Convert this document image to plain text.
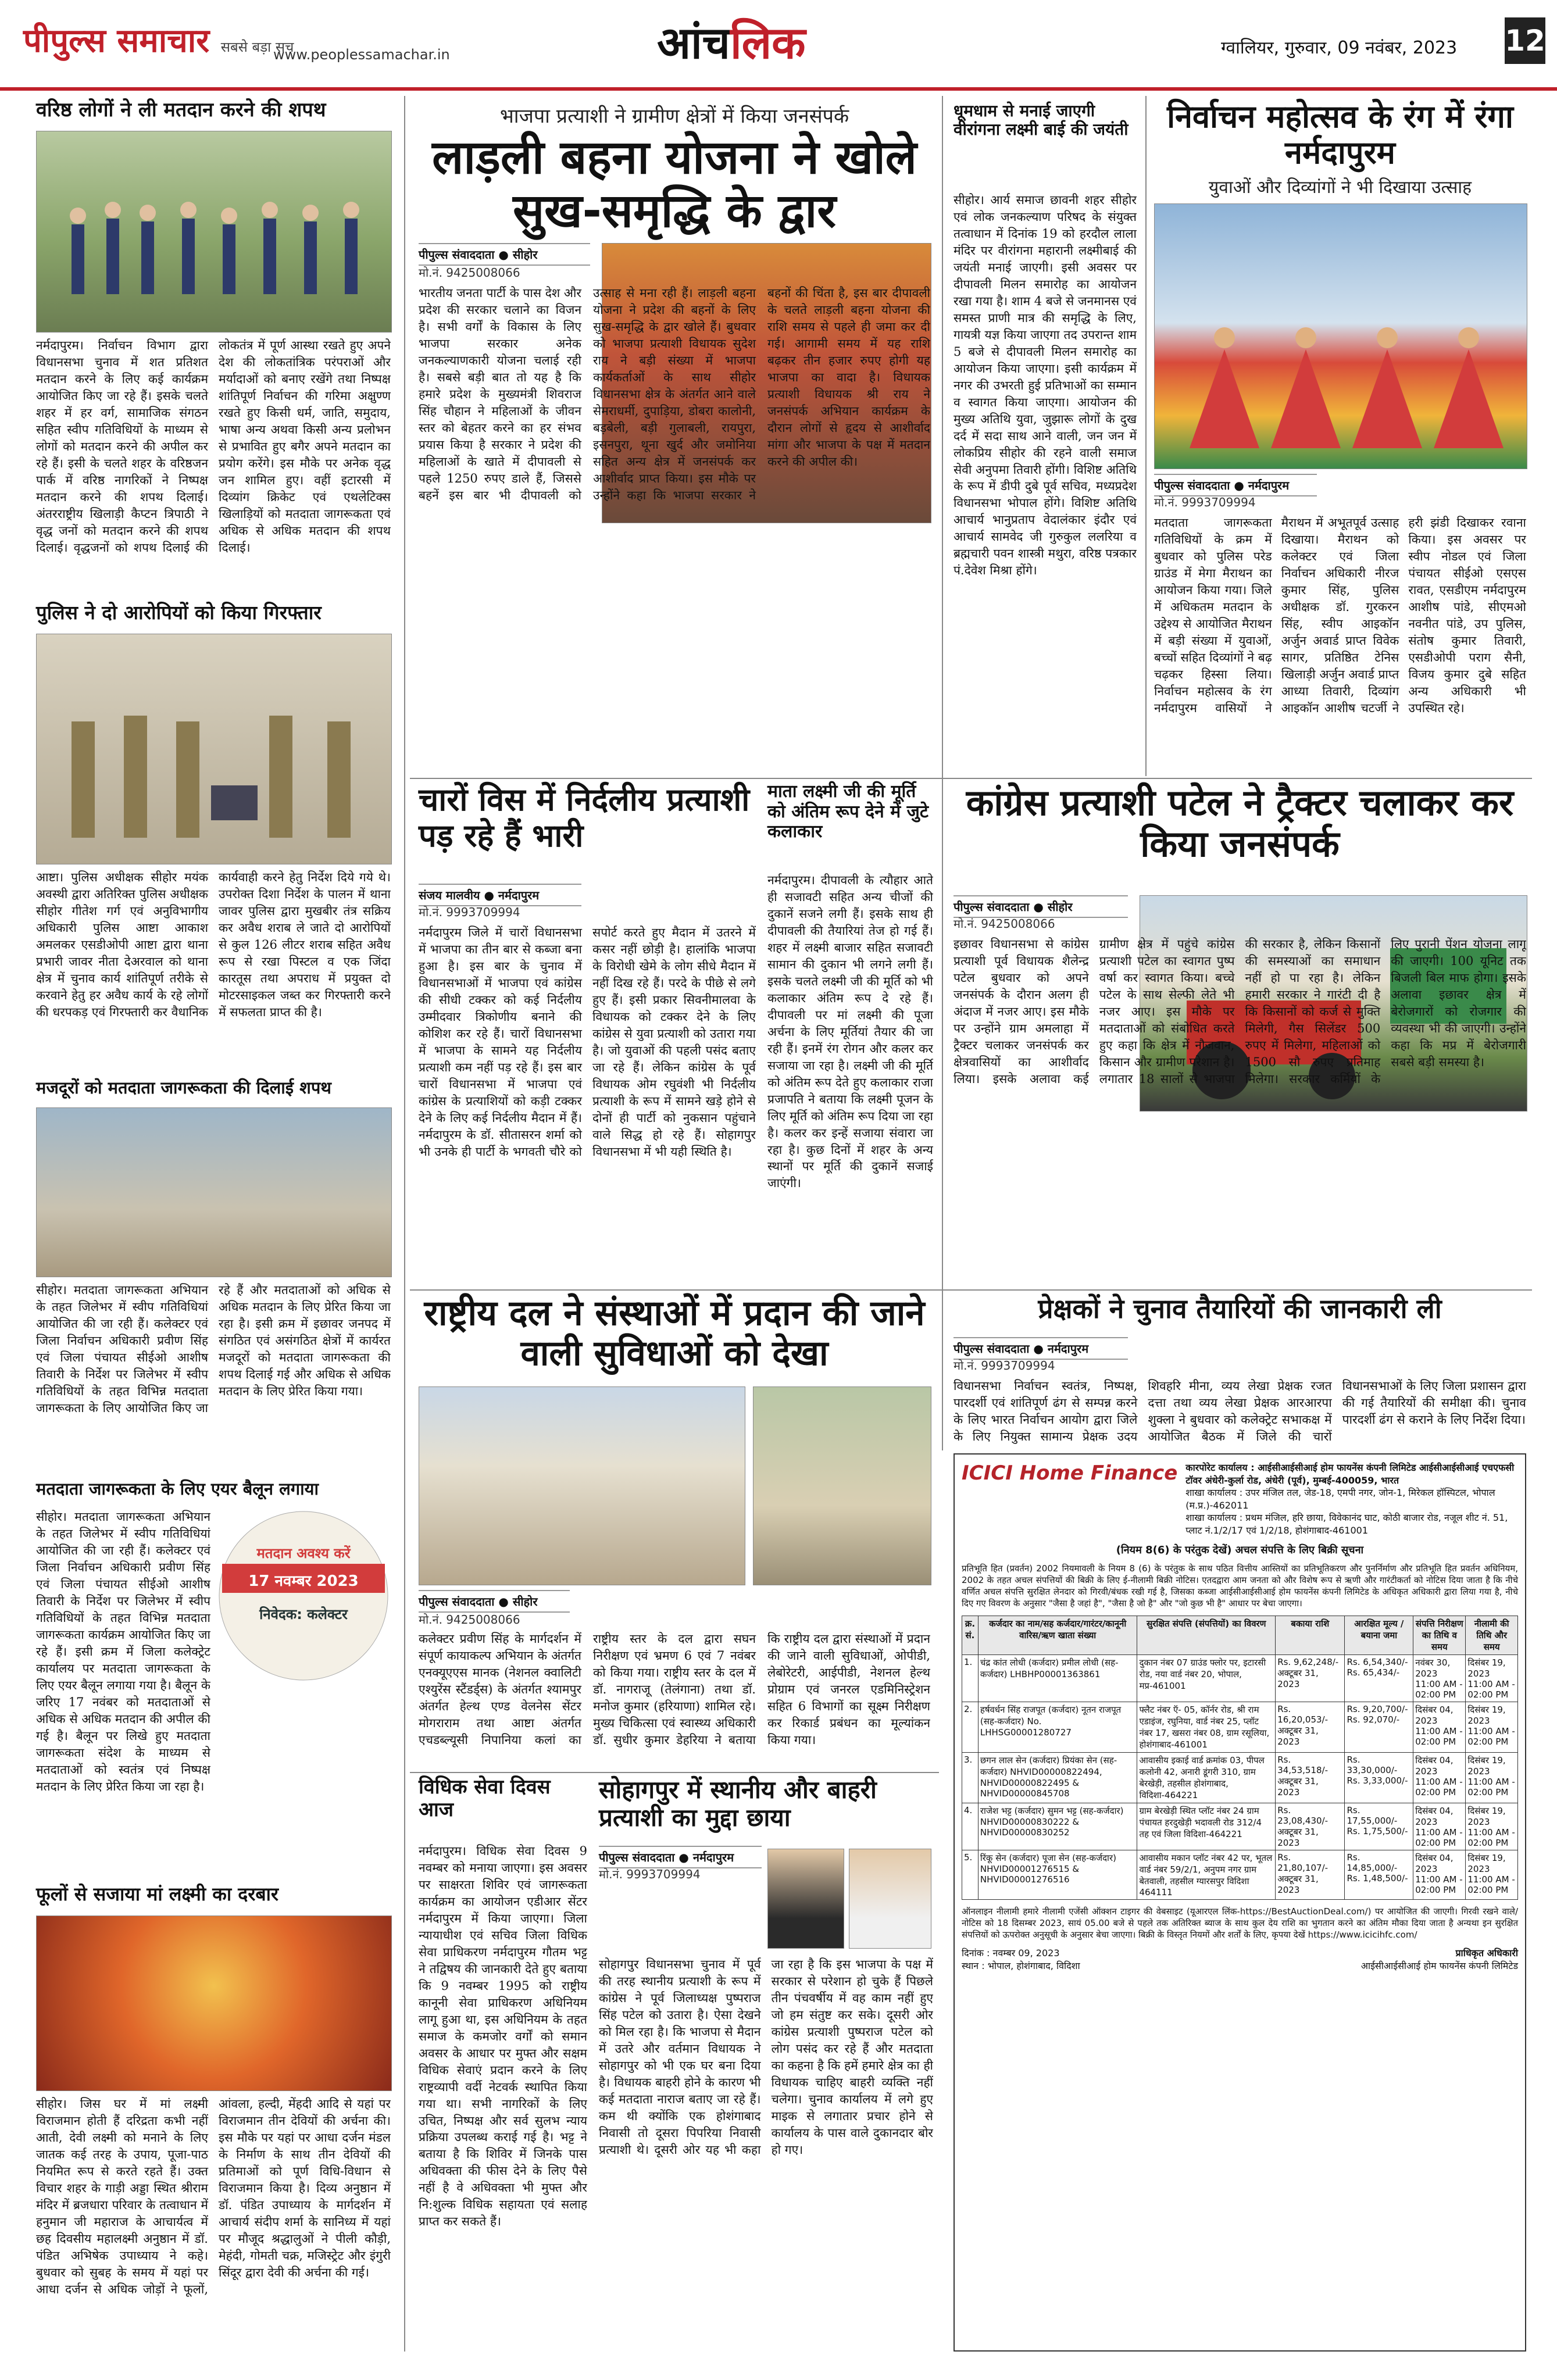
पीपुल्स समाचार सबसे बड़ा सच
www.peoplessamachar.in	आंचलिक	ग्वालियर, गुरुवार, 09 नवंबर, 2023 12
वरिष्ठ लोगों ने ली मतदान करने की शपथ
नर्मदापुरम। निर्वाचन विभाग द्वारा विधानसभा चुनाव में शत प्रतिशत मतदान करने के लिए कई कार्यक्रम आयोजित किए जा रहे हैं। इसके चलते शहर में हर वर्ग, सामाजिक संगठन सहित स्वीप गतिविधियों के माध्यम से लोगों को मतदान करने की अपील कर रहे हैं। इसी के चलते शहर के वरिष्ठजन पार्क में वरिष्ठ नागरिकों ने निष्पक्ष मतदान करने की शपथ दिलाई। अंतरराष्ट्रीय खिलाड़ी कैप्टन त्रिपाठी ने वृद्ध जनों को मतदान करने की शपथ दिलाई। वृद्धजनों को शपथ दिलाई की लोकतंत्र में पूर्ण आस्था रखते हुए अपने देश की लोकतांत्रिक परंपराओं और मर्यादाओं को बनाए रखेंगे तथा निष्पक्ष शांतिपूर्ण निर्वाचन की गरिमा अक्षुण्ण रखते हुए किसी धर्म, जाति, समुदाय, भाषा अन्य अथवा किसी अन्य प्रलोभन से प्रभावित हुए बगैर अपने मतदान का प्रयोग करेंगे। इस मौके पर अनेक वृद्ध जन शामिल हुए। वहीं इटारसी में दिव्यांग क्रिकेट एवं एथलेटिक्स खिलाड़ियों को मतदाता जागरूकता एवं अधिक से अधिक मतदान की शपथ दिलाई।
पुलिस ने दो आरोपियों को किया गिरफ्तार
आष्टा। पुलिस अधीक्षक सीहोर मयंक अवस्थी द्वारा अतिरिक्त पुलिस अधीक्षक सीहोर गीतेश गर्ग एवं अनुविभागीय अधिकारी पुलिस आष्टा आकाश अमलकर एसडीओपी आष्टा द्वारा थाना प्रभारी जावर नीता देअरवाल को थाना क्षेत्र में चुनाव कार्य शांतिपूर्ण तरीके से करवाने हेतु हर अवैध कार्य के रहे लोगों की धरपकड़ एवं गिरफ्तारी कर वैधानिक कार्यवाही करने हेतु निर्देश दिये गये थे। उपरोक्त दिशा निर्देश के पालन में थाना जावर पुलिस द्वारा मुखबीर तंत्र सक्रिय कर अवैध शराब ले जाते दो आरोपियों से कुल 126 लीटर शराब सहित अवैध रूप से रखा पिस्टल व एक जिंदा कारतूस तथा अपराध में प्रयुक्त दो मोटरसाइकल जब्त कर गिरफ्तारी करने में सफलता प्राप्त की है।
मजदूरों को मतदाता जागरूकता की दिलाई शपथ
सीहोर। मतदाता जागरूकता अभियान के तहत जिलेभर में स्वीप गतिविधियां आयोजित की जा रही हैं। कलेक्टर एवं जिला निर्वाचन अधिकारी प्रवीण सिंह एवं जिला पंचायत सीईओ आशीष तिवारी के निर्देश पर जिलेभर में स्वीप गतिविधियों के तहत विभिन्न मतदाता जागरूकता के लिए आयोजित किए जा रहे हैं और मतदाताओं को अधिक से अधिक मतदान के लिए प्रेरित किया जा रहा है। इसी क्रम में इछावर जनपद में संगठित एवं असंगठित क्षेत्रों में कार्यरत मजदूरों को मतदाता जागरूकता की शपथ दिलाई गई और अधिक से अधिक मतदान के लिए प्रेरित किया गया।
मतदाता जागरूकता के लिए एयर बैलून लगाया
सीहोर। मतदाता जागरूकता अभियान के तहत जिलेभर में स्वीप गतिविधियां आयोजित की जा रही हैं। कलेक्टर एवं जिला निर्वाचन अधिकारी प्रवीण सिंह एवं जिला पंचायत सीईओ आशीष तिवारी के निर्देश पर जिलेभर में स्वीप गतिविधियों के तहत विभिन्न मतदाता जागरूकता कार्यक्रम आयोजित किए जा रहे हैं। इसी क्रम में जिला कलेक्ट्रेट कार्यालय पर मतदाता जागरूकता के लिए एयर बैलून लगाया गया है। बैलून के जरिए 17 नवंबर को मतदाताओं से अधिक से अधिक मतदान की अपील की गई है। बैलून पर लिखे हुए मतदाता जागरूकता संदेश के माध्यम से मतदाताओं को स्वतंत्र एवं निष्पक्ष मतदान के लिए प्रेरित किया जा रहा है।
मतदान अवश्य करें
17 नवम्बर 2023
निवेदक: कलेक्टर
फूलों से सजाया मां लक्ष्मी का दरबार
सीहोर। जिस घर में मां लक्ष्मी विराजमान होती हैं दरिद्रता कभी नहीं आती, देवी लक्ष्मी को मनाने के लिए जातक कई तरह के उपाय, पूजा-पाठ नियमित रूप से करते रहते हैं। उक्त विचार शहर के गाड़ी अड्डा स्थित श्रीराम मंदिर में ब्रजधारा परिवार के तत्वाधान में हनुमान जी महाराज के आचार्यत्व में छह दिवसीय महालक्ष्मी अनुष्ठान में डॉ. पंडित अभिषेक उपाध्याय ने कहे। बुधवार को सुबह के समय में यहां पर आधा दर्जन से अधिक जोड़ों ने फूलों, आंवला, हल्दी, मेंहदी आदि से यहां पर विराजमान तीन देवियों की अर्चना की। इस मौके पर यहां पर आधा दर्जन मंडल के निर्माण के साथ तीन देवियों की प्रतिमाओं को पूर्ण विधि-विधान से विराजमान किया है। दिव्य अनुष्ठान में डॉ. पंडित उपाध्याय के मार्गदर्शन में आचार्य संदीप शर्मा के सानिध्य में यहां पर मौजूद श्रद्धालुओं ने पीली कौड़ी, मेहंदी, गोमती चक्र, मजिस्ट्रेट और इंगुरी सिंदूर द्वारा देवी की अर्चना की गई।
भाजपा प्रत्याशी ने ग्रामीण क्षेत्रों में किया जनसंपर्क
लाड़ली बहना योजना ने खोले सुख-समृद्धि के द्वार
पीपुल्स संवाददाता ● सीहोर
मो.नं. 9425008066
भारतीय जनता पार्टी के पास देश और प्रदेश की सरकार चलाने का विजन है। सभी वर्गों के विकास के लिए भाजपा सरकार अनेक जनकल्याणकारी योजना चलाई रही है। सबसे बड़ी बात तो यह है कि हमारे प्रदेश के मुख्यमंत्री शिवराज सिंह चौहान ने महिलाओं के जीवन स्तर को बेहतर करने का हर संभव प्रयास किया है सरकार ने प्रदेश की महिलाओं के खाते में दीपावली से पहले 1250 रुपए डाले हैं, जिससे बहनें इस बार भी दीपावली को उत्साह से मना रही हैं। लाड़ली बहना योजना ने प्रदेश की बहनों के लिए सुख-समृद्धि के द्वार खोले हैं। बुधवार को भाजपा प्रत्याशी विधायक सुदेश राय ने बड़ी संख्या में भाजपा कार्यकर्ताओं के साथ सीहोर विधानसभा क्षेत्र के अंतर्गत आने वाले सेमराधर्मी, दुपाड़िया, डोबरा कालोनी, बड़बेली, बड़ी गुलाबली, रायपुरा, इसनपुरा, थूना खुर्द और जमोनिया सहित अन्य क्षेत्र में जनसंपर्क कर आशीर्वाद प्राप्त किया। इस मौके पर उन्होंने कहा कि भाजपा सरकार ने बहनों की चिंता है, इस बार दीपावली के चलते लाड़ली बहना योजना की राशि समय से पहले ही जमा कर दी गई। आगामी समय में यह राशि बढ़कर तीन हजार रुपए होगी यह भाजपा का वादा है। विधायक प्रत्याशी विधायक श्री राय ने जनसंपर्क अभियान कार्यक्रम के दौरान लोगों से हृदय से आशीर्वाद मांगा और भाजपा के पक्ष में मतदान करने की अपील की।
चारों विस में निर्दलीय प्रत्याशी पड़ रहे हैं भारी
संजय मालवीय ● नर्मदापुरम
मो.नं. 9993709994
नर्मदापुरम जिले में चारों विधानसभा में भाजपा का तीन बार से कब्जा बना हुआ है। इस बार के चुनाव में विधानसभाओं में भाजपा एवं कांग्रेस की सीधी टक्कर को कई निर्दलीय उम्मीदवार त्रिकोणीय बनाने की कोशिश कर रहे हैं। चारों विधानसभा में भाजपा के सामने यह निर्दलीय प्रत्याशी कम नहीं पड़ रहे हैं। इस बार चारों विधानसभा में भाजपा एवं कांग्रेस के प्रत्याशियों को कड़ी टक्कर देने के लिए कई निर्दलीय मैदान में हैं। नर्मदापुरम के डॉ. सीतासरन शर्मा को भी उनके ही पार्टी के भगवती चौरे को सपोर्ट करते हुए मैदान में उतरने में कसर नहीं छोड़ी है। हालांकि भाजपा के विरोधी खेमे के लोग सीधे मैदान में नहीं दिख रहे हैं। परदे के पीछे से लगे हुए हैं। इसी प्रकार सिवनीमालवा के विधायक को टक्कर देने के लिए कांग्रेस से युवा प्रत्याशी को उतारा गया है। जो युवाओं की पहली पसंद बताए जा रहे हैं। लेकिन कांग्रेस के पूर्व विधायक ओम रघुवंशी भी निर्दलीय प्रत्याशी के रूप में सामने खड़े होने से दोनों ही पार्टी को नुकसान पहुंचाने वाले सिद्ध हो रहे हैं। सोहागपुर विधानसभा में भी यही स्थिति है।
माता लक्ष्मी जी की मूर्ति को अंतिम रूप देने में जुटे कलाकार
नर्मदापुरम। दीपावली के त्यौहार आते ही सजावटी सहित अन्य चीजों की दुकानें सजने लगी हैं। इसके साथ ही दीपावली की तैयारियां तेज हो गई हैं। शहर में लक्ष्मी बाजार सहित सजावटी सामान की दुकान भी लगने लगी हैं। इसके चलते लक्ष्मी जी की मूर्ति को भी कलाकार अंतिम रूप दे रहे हैं। दीपावली पर मां लक्ष्मी की पूजा अर्चना के लिए मूर्तियां तैयार की जा रही हैं। इनमें रंग रोगन और कलर कर सजाया जा रहा है। लक्ष्मी जी की मूर्ति को अंतिम रूप देते हुए कलाकार राजा प्रजापति ने बताया कि लक्ष्मी पूजन के लिए मूर्ति को अंतिम रूप दिया जा रहा है। कलर कर इन्हें सजाया संवारा जा रहा है। कुछ दिनों में शहर के अन्य स्थानों पर मूर्ति की दुकानें सजाई जाएंगी।
राष्ट्रीय दल ने संस्थाओं में प्रदान की जाने वाली सुविधाओं को देखा
पीपुल्स संवाददाता ● सीहोर
मो.नं. 9425008066
कलेक्टर प्रवीण सिंह के मार्गदर्शन में संपूर्ण कायाकल्प अभियान के अंतर्गत एनक्यूएएस मानक (नेशनल क्वालिटी एश्युरेंस स्टैंडर्ड्स) के अंतर्गत श्यामपुर अंतर्गत हेल्थ एण्ड वेलनेस सेंटर मोगराराम तथा आष्टा अंतर्गत एचडब्ल्यूसी निपानिया कलां का राष्ट्रीय स्तर के दल द्वारा सघन निरीक्षण एवं भ्रमण 6 एवं 7 नवंबर को किया गया। राष्ट्रीय स्तर के दल में डॉ. नागराजू (तेलंगाना) तथा डॉ. मनोज कुमार (हरियाणा) शामिल रहे। मुख्य चिकित्सा एवं स्वास्थ्य अधिकारी डॉ. सुधीर कुमार डेहरिया ने बताया कि राष्ट्रीय दल द्वारा संस्थाओं में प्रदान की जाने वाली सुविधाओं, ओपीडी, लेबोरेटरी, आईपीडी, नेशनल हेल्थ प्रोग्राम एवं जनरल एडमिनिस्ट्रेशन सहित 6 विभागों का सूक्ष्म निरीक्षण कर रिकार्ड प्रबंधन का मूल्यांकन किया गया।
विधिक सेवा दिवस आज
नर्मदापुरम। विधिक सेवा दिवस 9 नवम्बर को मनाया जाएगा। इस अवसर पर साक्षरता शिविर एवं जागरूकता कार्यक्रम का आयोजन एडीआर सेंटर नर्मदापुरम में किया जाएगा। जिला न्यायाधीश एवं सचिव जिला विधिक सेवा प्राधिकरण नर्मदापुरम गौतम भट्ट ने तद्विषय की जानकारी देते हुए बताया कि 9 नवम्बर 1995 को राष्ट्रीय कानूनी सेवा प्राधिकरण अधिनियम लागू हुआ था, इस अधिनियम के तहत समाज के कमजोर वर्गों को समान अवसर के आधार पर मुफ्त और सक्षम विधिक सेवाएं प्रदान करने के लिए राष्ट्रव्यापी वर्दी नेटवर्क स्थापित किया गया था। सभी नागरिकों के लिए उचित, निष्पक्ष और सर्व सुलभ न्याय प्रक्रिया उपलब्ध कराई गई है। भट्ट ने बताया है कि शिविर में जिनके पास अधिवक्ता की फीस देने के लिए पैसे नहीं है वे अधिवक्ता भी मुफ्त और नि:शुल्क विधिक सहायता एवं सलाह प्राप्त कर सकते हैं।
सोहागपुर में स्थानीय और बाहरी प्रत्याशी का मुद्दा छाया
पीपुल्स संवाददाता ● नर्मदापुरम
मो.नं. 9993709994
सोहागपुर विधानसभा चुनाव में पूर्व की तरह स्थानीय प्रत्याशी के रूप में कांग्रेस ने पूर्व जिलाध्यक्ष पुष्पराज सिंह पटेल को उतारा है। ऐसा देखने को मिल रहा है। कि भाजपा से मैदान में उतरे और वर्तमान विधायक ने सोहागपुर को भी एक घर बना दिया है। विधायक बाहरी होने के कारण भी कई मतदाता नाराज बताए जा रहे हैं। कम थी क्योंकि एक होशंगाबाद निवासी तो दूसरा पिपरिया निवासी प्रत्याशी थे। दूसरी ओर यह भी कहा जा रहा है कि इस भाजपा के पक्ष में सरकार से परेशान हो चुके हैं पिछले तीन पंचवर्षीय में वह काम नहीं हुए जो हम संतुष्ट कर सके। दूसरी ओर कांग्रेस प्रत्याशी पुष्पराज पटेल को लोग पसंद कर रहे हैं और मतदाता का कहना है कि हमें हमारे क्षेत्र का ही विधायक चाहिए बाहरी व्यक्ति नहीं चलेगा। चुनाव कार्यालय में लगे हुए माइक से लगातार प्रचार होने से कार्यालय के पास वाले दुकानदार बोर हो गए।
धूमधाम से मनाई जाएगी वीरांगना लक्ष्मी बाई की जयंती
सीहोर। आर्य समाज छावनी शहर सीहोर एवं लोक जनकल्याण परिषद के संयुक्त तत्वाधान में दिनांक 19 को हरदौल लाला मंदिर पर वीरांगना महारानी लक्ष्मीबाई की जयंती मनाई जाएगी। इसी अवसर पर दीपावली मिलन समारोह का आयोजन रखा गया है। शाम 4 बजे से जनमानस एवं समस्त प्राणी मात्र की समृद्धि के लिए, गायत्री यज्ञ किया जाएगा तद उपरान्त शाम 5 बजे से दीपावली मिलन समारोह का आयोजन किया जाएगा। इसी कार्यक्रम में नगर की उभरती हुई प्रतिभाओं का सम्मान व स्वागत किया जाएगा। आयोजन की मुख्य अतिथि युवा, जुझारू लोगों के दुख दर्द में सदा साथ आने वाली, जन जन में लोकप्रिय सीहोर की रहने वाली समाज सेवी अनुपमा तिवारी होंगी। विशिष्ट अतिथि के रूप में डीपी दुबे पूर्व सचिव, मध्यप्रदेश विधानसभा भोपाल होंगे। विशिष्ट अतिथि आचार्य भानुप्रताप वेदालंकार इंदौर एवं आचार्य सामवेद जी गुरुकुल ललरिया व ब्रह्मचारी पवन शास्त्री मथुरा, वरिष्ठ पत्रकार पं.देवेश मिश्रा होंगे।
निर्वाचन महोत्सव के रंग में रंगा नर्मदापुरम
युवाओं और दिव्यांगों ने भी दिखाया उत्साह
पीपुल्स संवाददाता ● नर्मदापुरम
मो.नं. 9993709994
मतदाता जागरूकता गतिविधियों के क्रम में बुधवार को पुलिस परेड ग्राउंड में मेगा मैराथन का आयोजन किया गया। जिले में अधिकतम मतदान के उद्देश्य से आयोजित मैराथन में बड़ी संख्या में युवाओं, बच्चों सहित दिव्यांगों ने बढ़ चढ़कर हिस्सा लिया। निर्वाचन महोत्सव के रंग नर्मदापुरम वासियों ने मैराथन में अभूतपूर्व उत्साह दिखाया। मैराथन को कलेक्टर एवं जिला निर्वाचन अधिकारी नीरज कुमार सिंह, पुलिस अधीक्षक डॉ. गुरकरन सिंह, स्वीप आइकॉन अर्जुन अवार्ड प्राप्त विवेक सागर, प्रतिष्ठित टेनिस खिलाड़ी अर्जुन अवार्ड प्राप्त आध्या तिवारी, दिव्यांग आइकॉन आशीष चटर्जी ने हरी झंडी दिखाकर रवाना किया। इस अवसर पर स्वीप नोडल एवं जिला पंचायत सीईओ एसएस रावत, एसडीएम नर्मदापुरम आशीष पांडे, सीएमओ नवनीत पांडे, उप पुलिस, संतोष कुमार तिवारी, एसडीओपी पराग सैनी, विजय कुमार दुबे सहित अन्य अधिकारी भी उपस्थित रहे।
कांग्रेस प्रत्याशी पटेल ने ट्रैक्टर चलाकर कर किया जनसंपर्क
पीपुल्स संवाददाता ● सीहोर
मो.नं. 9425008066
इछावर विधानसभा से कांग्रेस प्रत्याशी पूर्व विधायक शैलेन्द्र पटेल बुधवार को अपने जनसंपर्क के दौरान अलग ही अंदाज में नजर आए। इस मौके पर उन्होंने ग्राम अमलाहा में ट्रैक्टर चलाकर जनसंपर्क कर क्षेत्रवासियों का आशीर्वाद लिया। इसके अलावा कई ग्रामीण क्षेत्र में पहुंचे कांग्रेस प्रत्याशी पटेल का स्वागत पुष्प वर्षा कर स्वागत किया। बच्चे पटेल के साथ सेल्फी लेते भी नजर आए। इस मौके पर मतदाताओं को संबोधित करते हुए कहा कि क्षेत्र में नौजवान, किसान और ग्रामीण परेशान है। लगातार 18 सालों से भाजपा की सरकार है, लेकिन किसानों की समस्याओं का समाधान नहीं हो पा रहा है। लेकिन हमारी सरकार ने गारंटी दी है कि किसानों को कर्ज से मुक्ति मिलेगी, गैस सिलेंडर 500 रुपए में मिलेगा, महिलाओं को 1500 सौ रुपए प्रतिमाह मिलेगा। सरकार कर्मियों के लिए पुरानी पेंशन योजना लागू की जाएगी। 100 यूनिट तक बिजली बिल माफ होगा। इसके अलावा इछावर क्षेत्र में बेरोजगारों को रोजगार की व्यवस्था भी की जाएगी। उन्होंने कहा कि मप्र में बेरोजगारी सबसे बड़ी समस्या है।
प्रेक्षकों ने चुनाव तैयारियों की जानकारी ली
पीपुल्स संवाददाता ● नर्मदापुरम
मो.नं. 9993709994
विधानसभा निर्वाचन स्वतंत्र, निष्पक्ष, पारदर्शी एवं शांतिपूर्ण ढंग से सम्पन्न करने के लिए भारत निर्वाचन आयोग द्वारा जिले के लिए नियुक्त सामान्य प्रेक्षक उदय शिवहरि मीना, व्यय लेखा प्रेक्षक रजत दत्ता तथा व्यय लेखा प्रेक्षक आरआरपा शुक्ला ने बुधवार को कलेक्ट्रेट सभाकक्ष में आयोजित बैठक में जिले की चारों विधानसभाओं के लिए जिला प्रशासन द्वारा की गई तैयारियों की समीक्षा की। चुनाव पारदर्शी ढंग से कराने के लिए निर्देश दिया।
ICICI Home Finance कारपोरेट कार्यालय : आईसीआईसीआई होम फायनेंस कंपनी लिमिटेड आईसीआईसीआई एचएफसी टॉवर अंधेरी-कुर्ला रोड, अंधेरी (पूर्व), मुम्बई-400059, भारत
शाखा कार्यालय : उपर मंजिल तल, जेड-18, एमपी नगर, जोन-1, मिरेकल हॉस्पिटल, भोपाल (म.प्र.)-462011
शाखा कार्यालय : प्रथम मंजिल, हरि छाया, विवेकानंद घाट, कोठी बाजार रोड, नजूल शीट नं. 51, प्लाट नं.1/2/17 एवं 1/2/18, होशंगाबाद-461001
(नियम 8(6) के परंतुक देखें) अचल संपत्ति के लिए बिक्री सूचना
प्रतिभूति हित (प्रवर्तन) 2002 नियमावली के नियम 8 (6) के परंतुक के साथ पठित वित्तीय आस्तियों का प्रतिभूतिकरण और पुनर्निर्माण और प्रतिभूति हित प्रवर्तन अधिनियम, 2002 के तहत अचल संपत्तियों की बिक्री के लिए ई-नीलामी बिक्री नोटिस। एतदद्वारा आम जनता को और विशेष रूप से ऋणी और गारंटीकर्ता को नोटिस दिया जाता है कि नीचे वर्णित अचल संपत्ति सुरक्षित लेनदार को गिरवी/बंधक रखी गई है, जिसका कब्जा आईसीआईसीआई होम फायनेंस कंपनी लिमिटेड के अधिकृत अधिकारी द्वारा लिया गया है, नीचे दिए गए विवरण के अनुसार "जैसा है जहां है", "जैसा है जो है" और "जो कुछ भी है" आधार पर बेचा जाएगा।
क्र. सं.	कर्जदार का नाम/सह कर्जदार/गारंटर/कानूनी वारिस/ऋण खाता संख्या	सुरक्षित संपत्ति (संपत्तियों) का विवरण	बकाया राशि	आरक्षित मूल्य / बयाना जमा	संपत्ति निरीक्षण का तिथि व समय	नीलामी की तिथि और समय
1.	चंद्र कांत लोधी (कर्जदार) प्रमील लोधी (सह-कर्जदार) LHBHP00001363861	दुकान नंबर 07 ग्राउंड फ्लोर पर, इटारसी रोड, नया वार्ड नंबर 20, भोपाल, मप्र-461001	Rs. 9,62,248/- अक्टूबर 31, 2023	Rs. 6,54,340/- Rs. 65,434/-	नवंबर 30, 2023 11:00 AM - 02:00 PM	दिसंबर 19, 2023 11:00 AM - 02:00 PM
2.	हर्षवर्धन सिंह राजपूत (कर्जदार) नूतन राजपूत (सह-कर्जदार) No. LHHSG00001280727	फ्लैट नंबर ऍ- 05, कॉर्नर रोड, श्री राम एडाइंज, रघुनिया, वार्ड नंबर 25, प्लॉट नंबर 17, खसरा नंबर 08, ग्राम रसूलिया, होशंगाबाद-461001	Rs. 16,20,053/- अक्टूबर 31, 2023	Rs. 9,20,700/- Rs. 92,070/-	दिसंबर 04, 2023 11:00 AM - 02:00 PM	दिसंबर 19, 2023 11:00 AM - 02:00 PM
3.	छगन लाल सेन (कर्जदार) प्रियंका सेन (सह-कर्जदार) NHVID00000822494, NHVID00000822495 & NHVID00000845708	आवासीय इकाई वार्ड क्रमांक 03, पीपल कलोनी 42, अनारी डूंगरी 310, ग्राम बेरखेड़ी, तहसील होशंगाबाद, विदिशा-464221	Rs. 34,53,518/- अक्टूबर 31, 2023	Rs. 33,30,000/- Rs. 3,33,000/-	दिसंबर 04, 2023 11:00 AM - 02:00 PM	दिसंबर 19, 2023 11:00 AM - 02:00 PM
4.	राजेश भट्ट (कर्जदार) सुमन भट्ट (सह-कर्जदार) NHVID00000830222 & NHVID00000830252	ग्राम बेरखेड़ी स्थित प्लॉट नंबर 24 ग्राम पंचायत हरदुखेड़ी भदावली रोड 312/4 तह एवं जिला विदिशा-464221	Rs. 23,08,430/- अक्टूबर 31, 2023	Rs. 17,55,000/- Rs. 1,75,500/-	दिसंबर 04, 2023 11:00 AM - 02:00 PM	दिसंबर 19, 2023 11:00 AM - 02:00 PM
5.	रिंकू सेन (कर्जदार) पूजा सेन (सह-कर्जदार) NHVID00001276515 & NHVID00001276516	आवासीय मकान प्लॉट नंबर 42 पर, भूतल वार्ड नंबर 59/2/1, अनुपम नगर ग्राम बेतवाली, तहसील ग्यारसपुर विदिशा 464111	Rs. 21,80,107/- अक्टूबर 31, 2023	Rs. 14,85,000/- Rs. 1,48,500/-	दिसंबर 04, 2023 11:00 AM - 02:00 PM	दिसंबर 19, 2023 11:00 AM - 02:00 PM
ऑनलाइन नीलामी हमारे नीलामी एजेंसी ऑक्शन टाइगर की वेबसाइट (यूआरएल लिंक-https://BestAuctionDeal.com/) पर आयोजित की जाएगी। गिरवी रखने वाले/नोटिस को 18 दिसम्बर 2023, सायं 05.00 बजे से पहले तक अतिरिक्त ब्याज के साथ कुल देय राशि का भुगतान करने का अंतिम मौका दिया जाता है अन्यथा इन सुरक्षित संपत्तियों को ऊपरोक्त अनुसूची के अनुसार बेचा जाएगा। बिक्री के विस्तृत नियमों और शर्तों के लिए, कृपया देखें https://www.icicihfc.com/
दिनांक : नवम्बर 09, 2023
स्थान : भोपाल, होशंगाबाद, विदिशा
प्राधिकृत अधिकारी
आईसीआईसीआई होम फायनेंस कंपनी लिमिटेड
